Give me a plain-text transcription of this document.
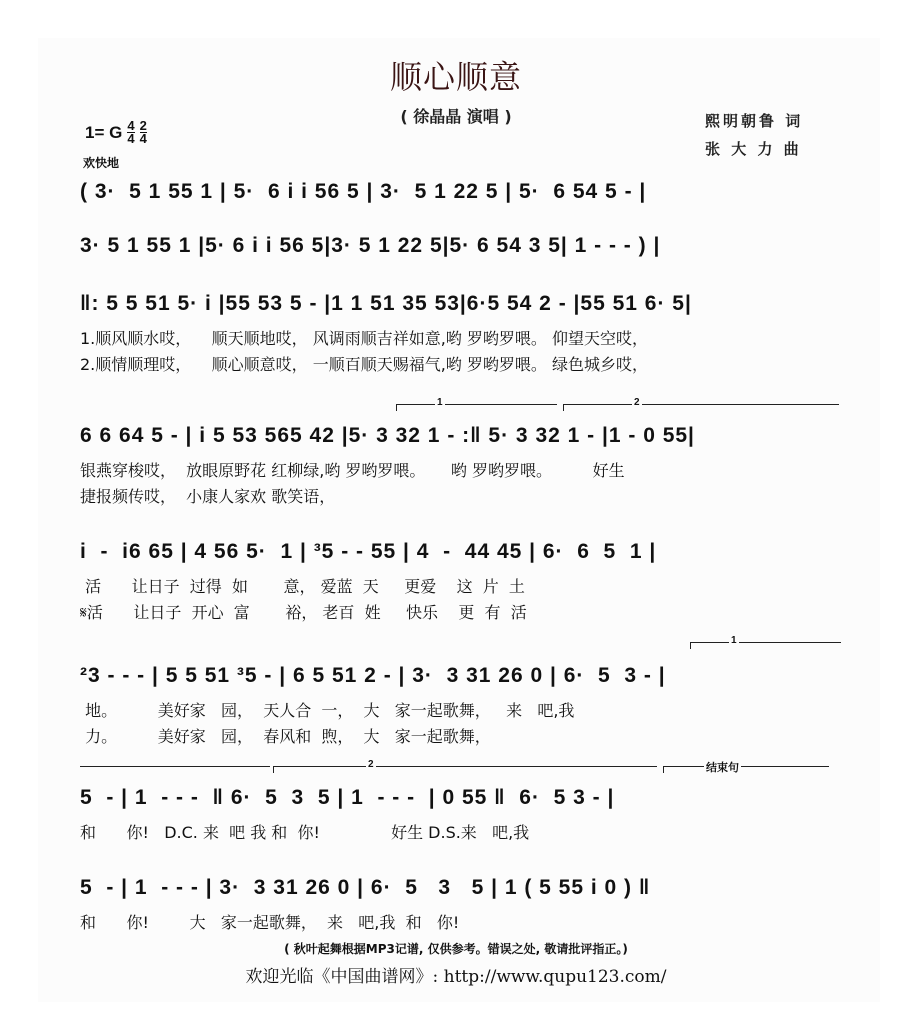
顺心顺意
( 徐晶晶 演唱 )	熙明朝鲁 词
张 大 力 曲
1= G $\frac{4}{4} \frac{2}{4}$
欢快地
( 3·  5 1 55 1 | 5·  6 i i 56 5 | 3·  5 1 22 5 | 5·  6 54 5 - |
3· 5 1 55 1 |5· 6 i i 56 5|3· 5 1 22 5|5· 6 54 3 5| 1 - - - ) |
‖: 5 5 51 5· i |55 53 5 - |1 1 51 35 53|6·5 54 2 - |55 51 6· 5|
1.顺风顺水哎，    顺天顺地哎， 风调雨顺吉祥如意,哟 罗哟罗喂。 仰望天空哎，
2.顺情顺理哎，    顺心顺意哎， 一顺百顺天赐福气,哟 罗哟罗喂。 绿色城乡哎，
1	2
6 6 64 5 - | i 5 53 565 42 |5· 3 32 1 - :‖ 5· 3 32 1 - |1 - 0 55|
银燕穿梭哎，  放眼原野花 红柳绿,哟 罗哟罗喂。     哟 罗哟罗喂。        好生
捷报频传哎，  小康人家欢 歌笑语，
i  -  i6 65 | 4 56 5·  1 | ³5 - - 55 | 4  -  44 45 | 6·  6  5  1 |
活      让日子  过得  如       意， 爱蓝  天     更爱    这  片  土
𝄋活      让日子  开心  富       裕， 老百  姓     快乐    更  有  活
1
²3 - - - | 5 5 51 ³5 - | 6 5 51 2 - | 3·  3 31 26 0 | 6·  5  3 - |
地。        美好家   园，  天人合  一，  大   家一起歌舞，   来   吧,我
力。        美好家   园，  春风和  煦，  大   家一起歌舞，
2	结束句
5  - | 1  - - -  ‖ 6·  5  3  5 | 1  - - -  | 0 55 ‖  6·  5 3 - |
和      你!   D.C. 来  吧 我 和  你!              好生 D.S.来   吧,我
5  - | 1  - - - | 3·  3 31 26 0 | 6·  5   3   5 | 1 ( 5 55 i 0 ) ‖
和      你!        大   家一起歌舞，  来   吧,我  和   你!
( 秋叶起舞根据MP3记谱, 仅供参考。错误之处, 敬请批评指正。)
欢迎光临《中国曲谱网》: http://www.qupu123.com/
